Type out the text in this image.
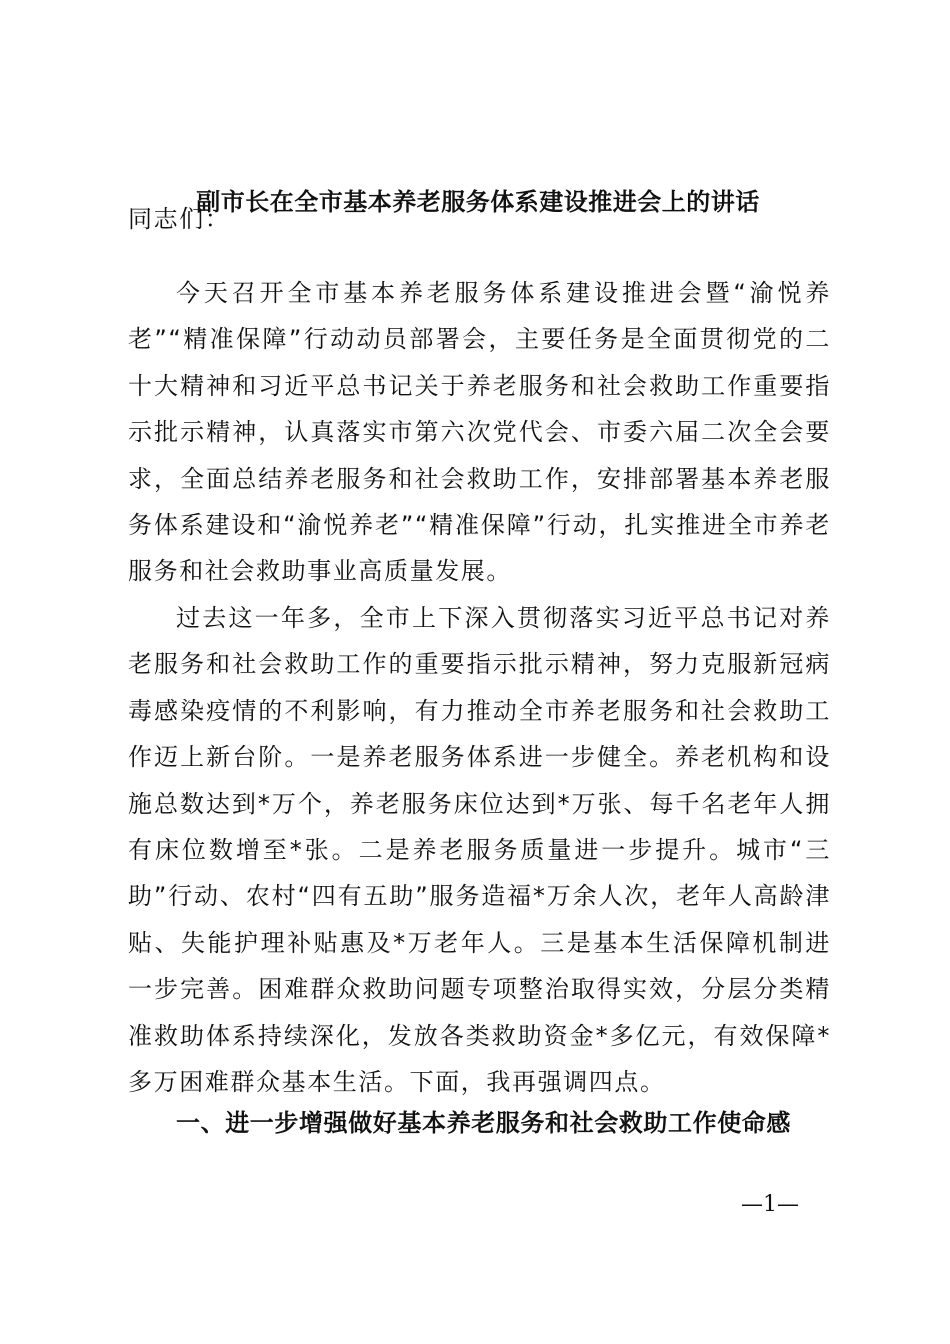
副市长在全市基本养老服务体系建设推进会上的讲话
同志们：
今天召开全市基本养老服务体系建设推进会暨“渝悦养老”“精准保障”行动动员部署会，主要任务是全面贯彻党的二十大精神和习近平总书记关于养老服务和社会救助工作重要指示批示精神，认真落实市第六次党代会、市委六届二次全会要求，全面总结养老服务和社会救助工作，安排部署基本养老服务体系建设和“渝悦养老”“精准保障”行动，扎实推进全市养老服务和社会救助事业高质量发展。
过去这一年多，全市上下深入贯彻落实习近平总书记对养老服务和社会救助工作的重要指示批示精神，努力克服新冠病毒感染疫情的不利影响，有力推动全市养老服务和社会救助工作迈上新台阶。一是养老服务体系进一步健全。养老机构和设施总数达到*万个，养老服务床位达到*万张、每千名老年人拥有床位数增至*张。二是养老服务质量进一步提升。城市“三助”行动、农村“四有五助”服务造福*万余人次，老年人高龄津贴、失能护理补贴惠及*万老年人。三是基本生活保障机制进一步完善。困难群众救助问题专项整治取得实效，分层分类精准救助体系持续深化，发放各类救助资金*多亿元，有效保障*多万困难群众基本生活。下面，我再强调四点。
一、进一步增强做好基本养老服务和社会救助工作使命感
—1—
